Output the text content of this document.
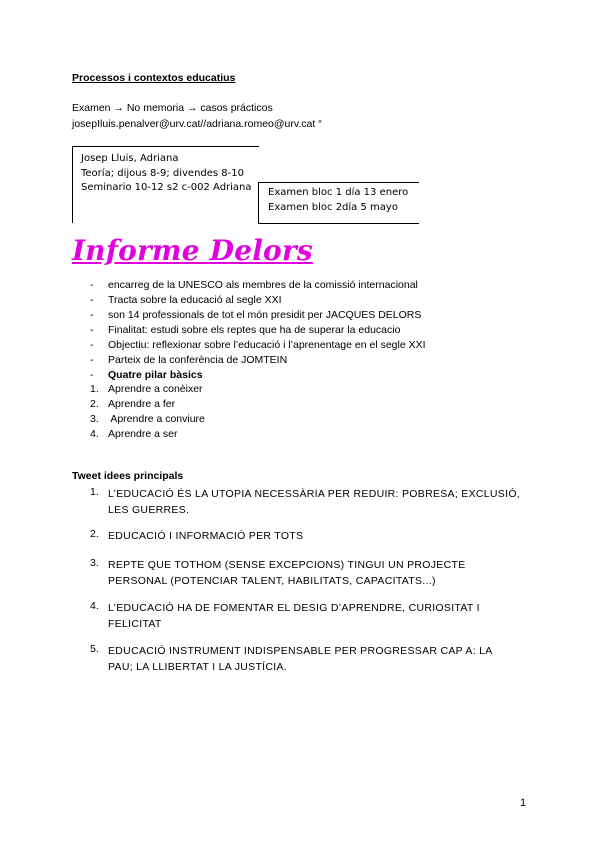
Processos i contextos educatius
Examen → No memoria → casos prácticos
josepIluis.penalver@urv.cat//adriana.romeo@urv.cat “
Josep Lluis, Adriana
Teoría; dijous 8-9; divendes 8-10
Seminario 10-12 s2 c-002 Adriana Examen bloc 1 día 13 enero
Examen bloc 2día 5 mayo
Informe Delors
- encarreg de la UNESCO als membres de la comissió internacional
- Tracta sobre la educació al segle XXI
- son 14 professionals de tot el món presidit per JACQUES DELORS
- Finalitat: estudi sobre els reptes que ha de superar la educacio
- Objectiu: reflexionar sobre l’educació i l’aprenentage en el segle XXI
- Parteix de la conferència de JOMTEIN
- Quatre pilar bàsics
1. Aprendre a conèixer
2. Aprendre a fer
3. Aprendre a conviure
4. Aprendre a ser
Tweet idees principals
1. L’EDUCACIÓ ÉS LA UTOPIA NECESSÀRIA PER REDUIR: POBRESA; EXCLUSIÓ,
LES GUERRES.
2. EDUCACIÓ I INFORMACIÓ PER TOTS
3. REPTE QUE TOTHOM (SENSE EXCEPCIONS) TINGUI UN PROJECTE
PERSONAL (POTENCIAR TALENT, HABILITATS, CAPACITATS...)
4. L’EDUCACIÓ HA DE FOMENTAR EL DESIG D’APRENDRE, CURIOSITAT I
FELICITAT
5. EDUCACIÓ INSTRUMENT INDISPENSABLE PER PROGRESSAR CAP A: LA
PAU; LA LLIBERTAT I LA JUSTÍCIA.
1
